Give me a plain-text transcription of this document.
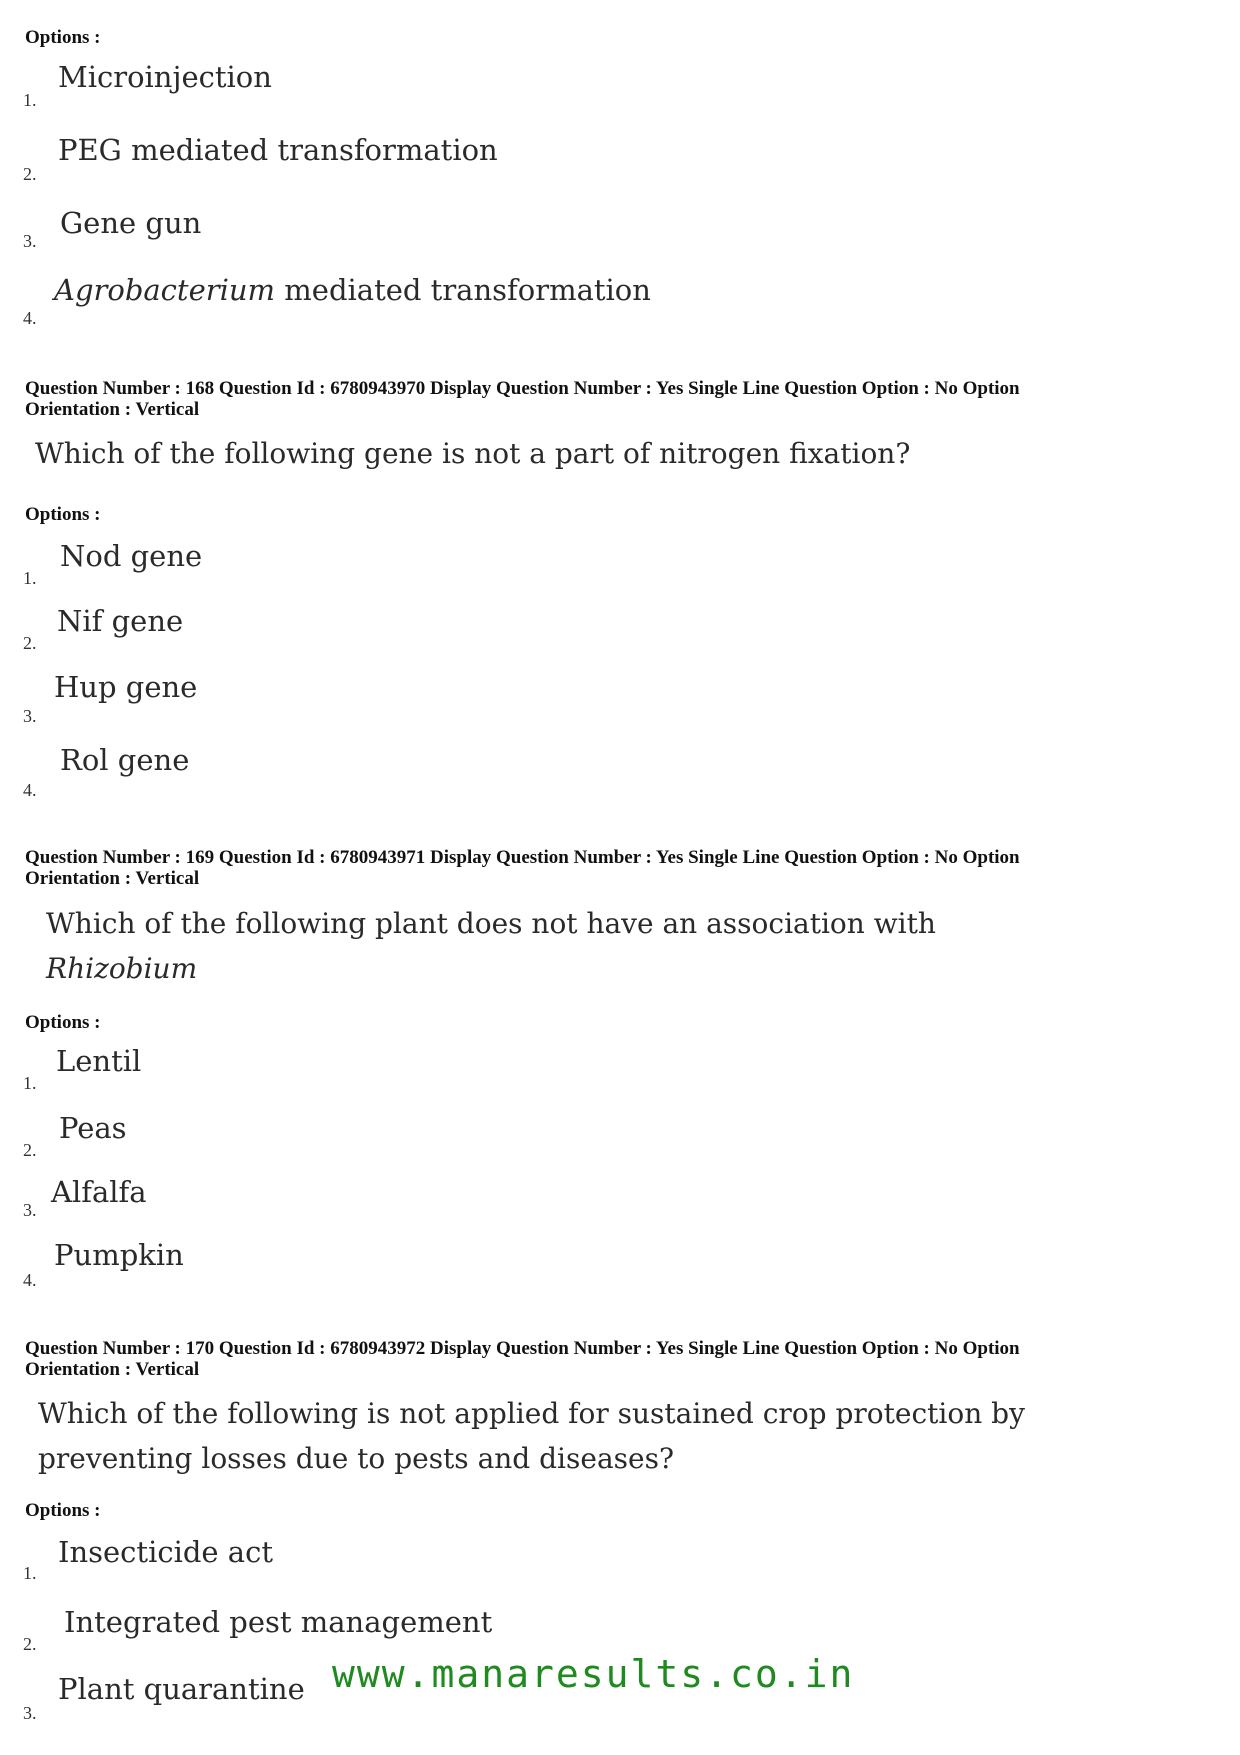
Options :
1.
Microinjection
2.
PEG mediated transformation
3.
Gene gun
4.
Agrobacterium mediated transformation
Question Number : 168 Question Id : 6780943970 Display Question Number : Yes Single Line Question Option : No Option
Orientation : Vertical
Which of the following gene is not a part of nitrogen fixation?
Options :
1.
Nod gene
2.
Nif gene
3.
Hup gene
4.
Rol gene
Question Number : 169 Question Id : 6780943971 Display Question Number : Yes Single Line Question Option : No Option
Orientation : Vertical
Which of the following plant does not have an association with
Rhizobium
Options :
1.
Lentil
2.
Peas
3.
Alfalfa
4.
Pumpkin
Question Number : 170 Question Id : 6780943972 Display Question Number : Yes Single Line Question Option : No Option
Orientation : Vertical
Which of the following is not applied for sustained crop protection by
preventing losses due to pests and diseases?
Options :
1.
Insecticide act
2.
Integrated pest management
3.
Plant quarantine www.manaresults.co.in
